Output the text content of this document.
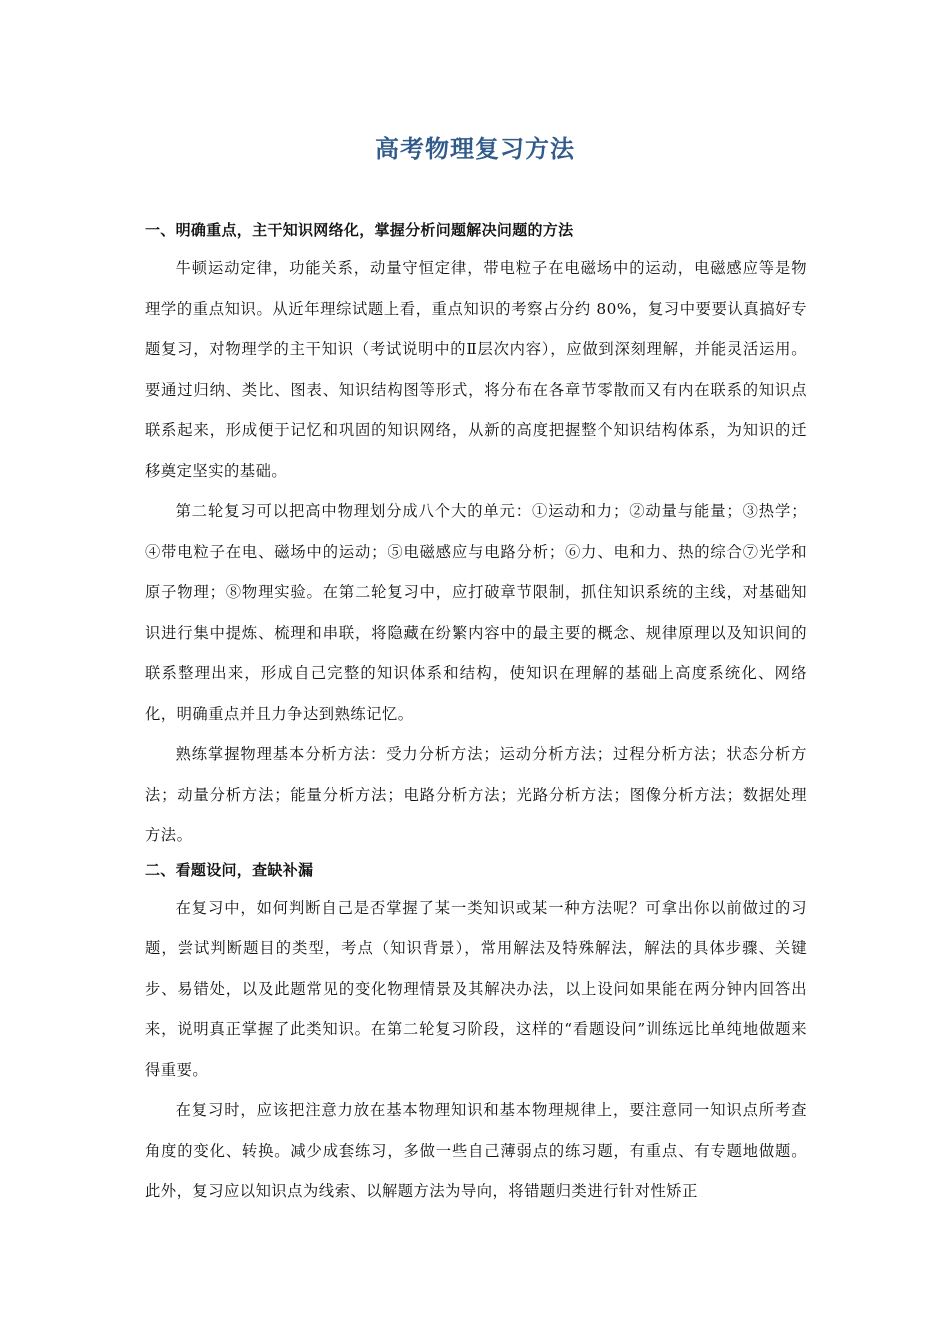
高考物理复习方法
一、明确重点，主干知识网络化，掌握分析问题解决问题的方法

牛顿运动定律，功能关系，动量守恒定律，带电粒子在电磁场中的运动，电磁感应等是物理学的重点知识。从近年理综试题上看，重点知识的考察占分约 80%，复习中要要认真搞好专题复习，对物理学的主干知识（考试说明中的Ⅱ层次内容），应做到深刻理解，并能灵活运用。要通过归纳、类比、图表、知识结构图等形式，将分布在各章节零散而又有内在联系的知识点联系起来，形成便于记忆和巩固的知识网络，从新的高度把握整个知识结构体系，为知识的迁移奠定坚实的基础。

第二轮复习可以把高中物理划分成八个大的单元：①运动和力；②动量与能量；③热学；④带电粒子在电、磁场中的运动；⑤电磁感应与电路分析；⑥力、电和力、热的综合⑦光学和原子物理；⑧物理实验。在第二轮复习中，应打破章节限制，抓住知识系统的主线，对基础知识进行集中提炼、梳理和串联，将隐藏在纷繁内容中的最主要的概念、规律原理以及知识间的联系整理出来，形成自己完整的知识体系和结构，使知识在理解的基础上高度系统化、网络化，明确重点并且力争达到熟练记忆。

熟练掌握物理基本分析方法：受力分析方法；运动分析方法；过程分析方法；状态分析方法；动量分析方法；能量分析方法；电路分析方法；光路分析方法；图像分析方法；数据处理方法。

二、看题设问，查缺补漏

在复习中，如何判断自己是否掌握了某一类知识或某一种方法呢？可拿出你以前做过的习题，尝试判断题目的类型，考点（知识背景），常用解法及特殊解法，解法的具体步骤、关键步、易错处，以及此题常见的变化物理情景及其解决办法，以上设问如果能在两分钟内回答出来，说明真正掌握了此类知识。在第二轮复习阶段，这样的“看题设问”训练远比单纯地做题来得重要。

在复习时，应该把注意力放在基本物理知识和基本物理规律上，要注意同一知识点所考查角度的变化、转换。减少成套练习，多做一些自己薄弱点的练习题，有重点、有专题地做题。此外，复习应以知识点为线索、以解题方法为导向，将错题归类进行针对性矫正
